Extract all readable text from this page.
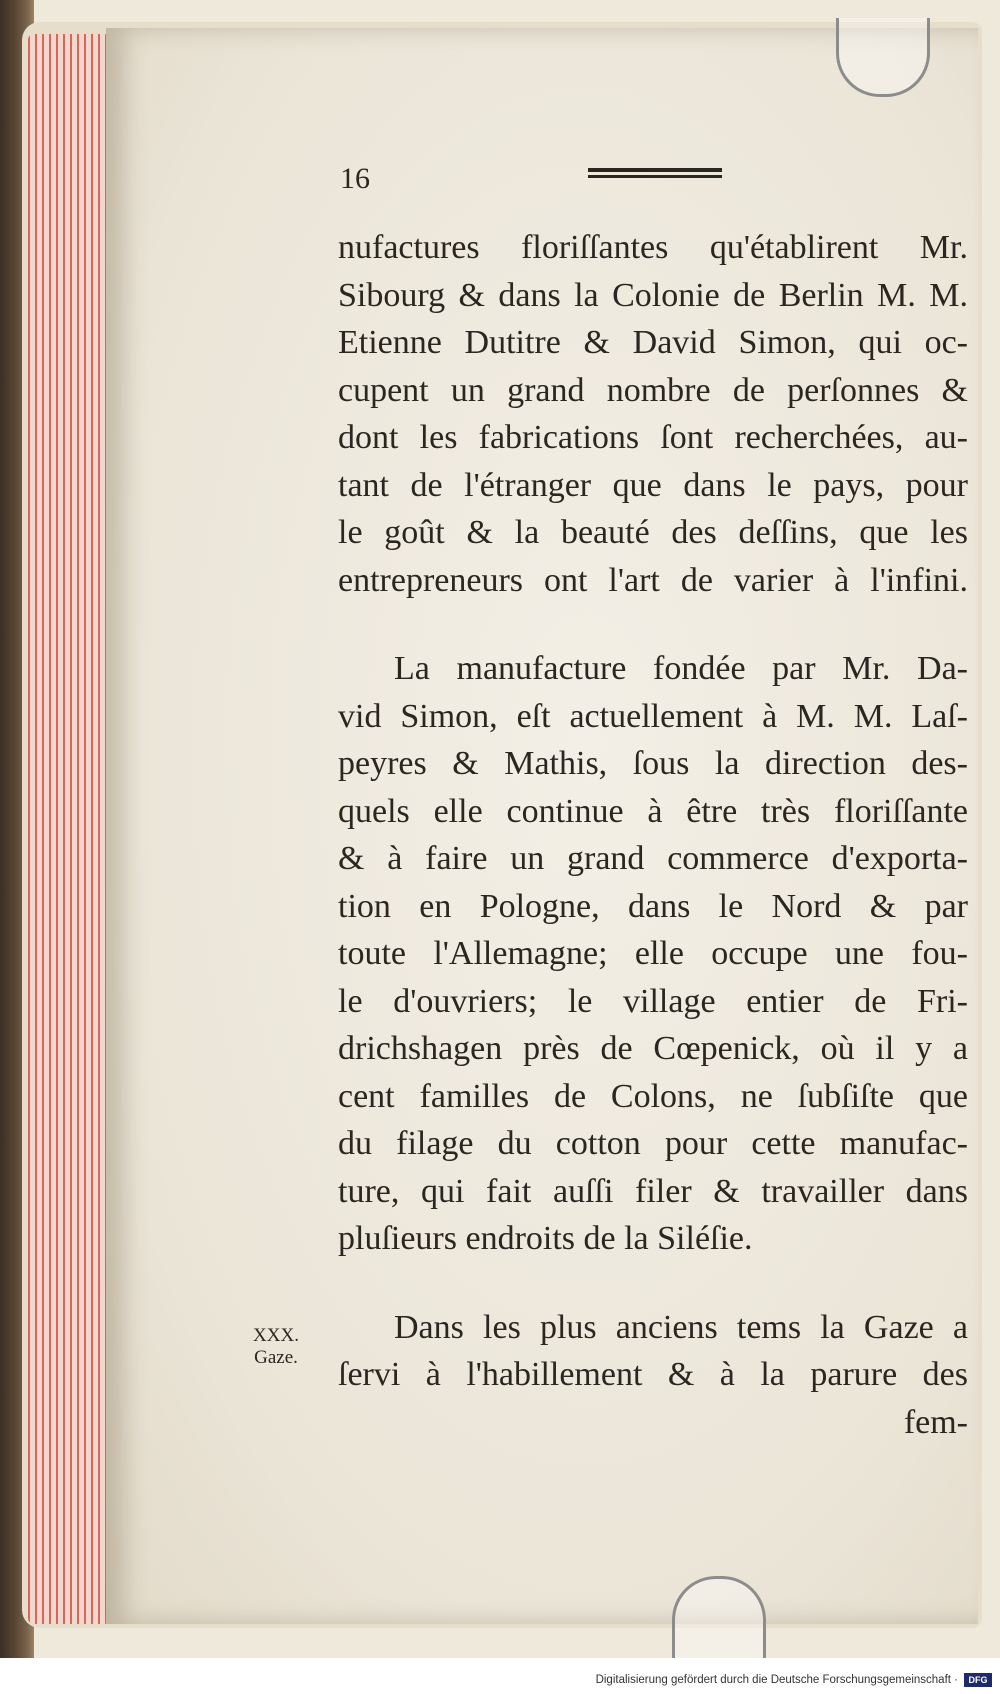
16
nufactures floriſſantes qu'établirent Mr.
Sibourg & dans la Colonie de Berlin M. M.
Etienne Dutitre & David Simon, qui oc-
cupent un grand nombre de perſonnes &
dont les fabrications ſont recherchées, au-
tant de l'étranger que dans le pays, pour
le goût & la beauté des deſſins, que les
entrepreneurs ont l'art de varier à l'infini.
La manufacture fondée par Mr. Da-
vid Simon, eſt actuellement à M. M. Laſ-
peyres & Mathis, ſous la direction des-
quels elle continue à être très floriſſante
& à faire un grand commerce d'exporta-
tion en Pologne, dans le Nord & par
toute l'Allemagne; elle occupe une fou-
le d'ouvriers; le village entier de Fri-
drichshagen près de Cœpenick, où il y a
cent familles de Colons, ne ſubſiſte que
du filage du cotton pour cette manufac-
ture, qui fait auſſi filer & travailler dans
pluſieurs endroits de la Siléſie.
Dans les plus anciens tems la Gaze a
ſervi à l'habillement & à la parure des
fem-
XXX.
Gaze.
Digitalisierung gefördert durch die Deutsche Forschungsgemeinschaft ·	DFG
